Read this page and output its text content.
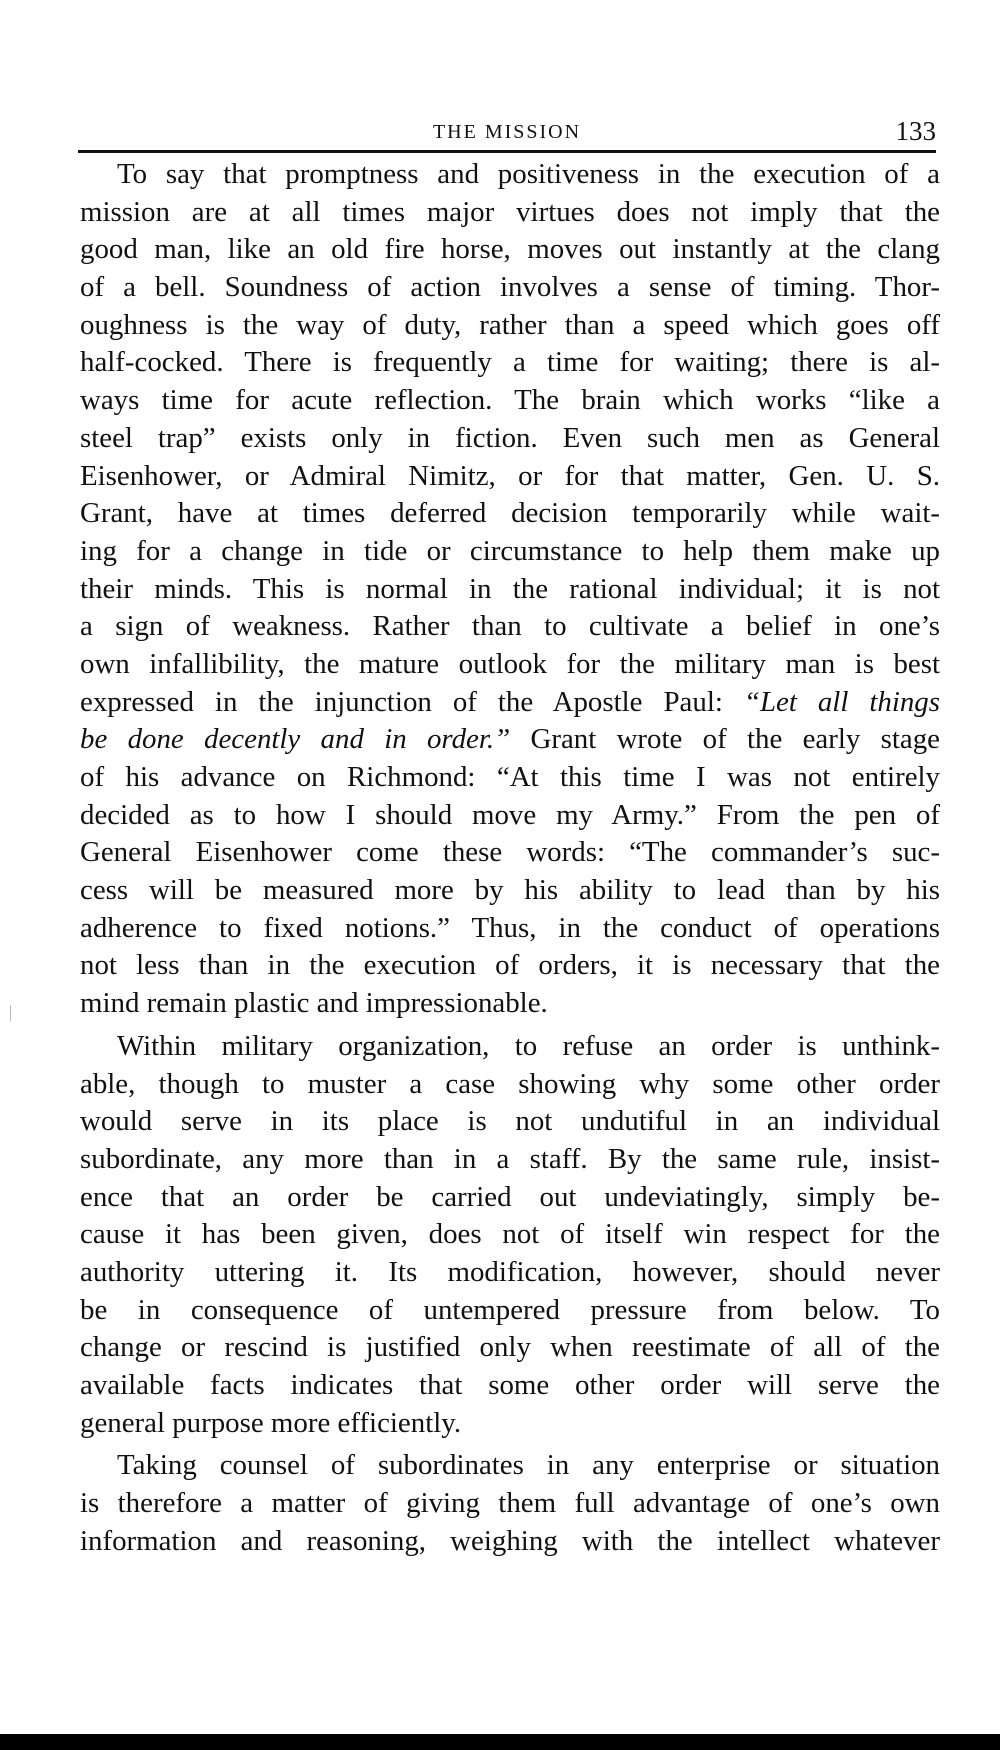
THE MISSION	133
To say that promptness and positiveness in the execution of a
mission are at all times major virtues does not imply that the
good man, like an old fire horse, moves out instantly at the clang
of a bell. Soundness of action involves a sense of timing. Thor-
oughness is the way of duty, rather than a speed which goes off
half-cocked. There is frequently a time for waiting; there is al-
ways time for acute reflection. The brain which works “like a
steel trap” exists only in fiction. Even such men as General
Eisenhower, or Admiral Nimitz, or for that matter, Gen. U. S.
Grant, have at times deferred decision temporarily while wait-
ing for a change in tide or circumstance to help them make up
their minds. This is normal in the rational individual; it is not
a sign of weakness. Rather than to cultivate a belief in one’s
own infallibility, the mature outlook for the military man is best
expressed in the injunction of the Apostle Paul: “Let all things
be done decently and in order.” Grant wrote of the early stage
of his advance on Richmond: “At this time I was not entirely
decided as to how I should move my Army.” From the pen of
General Eisenhower come these words: “The commander’s suc-
cess will be measured more by his ability to lead than by his
adherence to fixed notions.” Thus, in the conduct of operations
not less than in the execution of orders, it is necessary that the
mind remain plastic and impressionable.
Within military organization, to refuse an order is unthink-
able, though to muster a case showing why some other order
would serve in its place is not undutiful in an individual
subordinate, any more than in a staff. By the same rule, insist-
ence that an order be carried out undeviatingly, simply be-
cause it has been given, does not of itself win respect for the
authority uttering it. Its modification, however, should never
be in consequence of untempered pressure from below. To
change or rescind is justified only when reestimate of all of the
available facts indicates that some other order will serve the
general purpose more efficiently.
Taking counsel of subordinates in any enterprise or situation
is therefore a matter of giving them full advantage of one’s own
information and reasoning, weighing with the intellect whatever
